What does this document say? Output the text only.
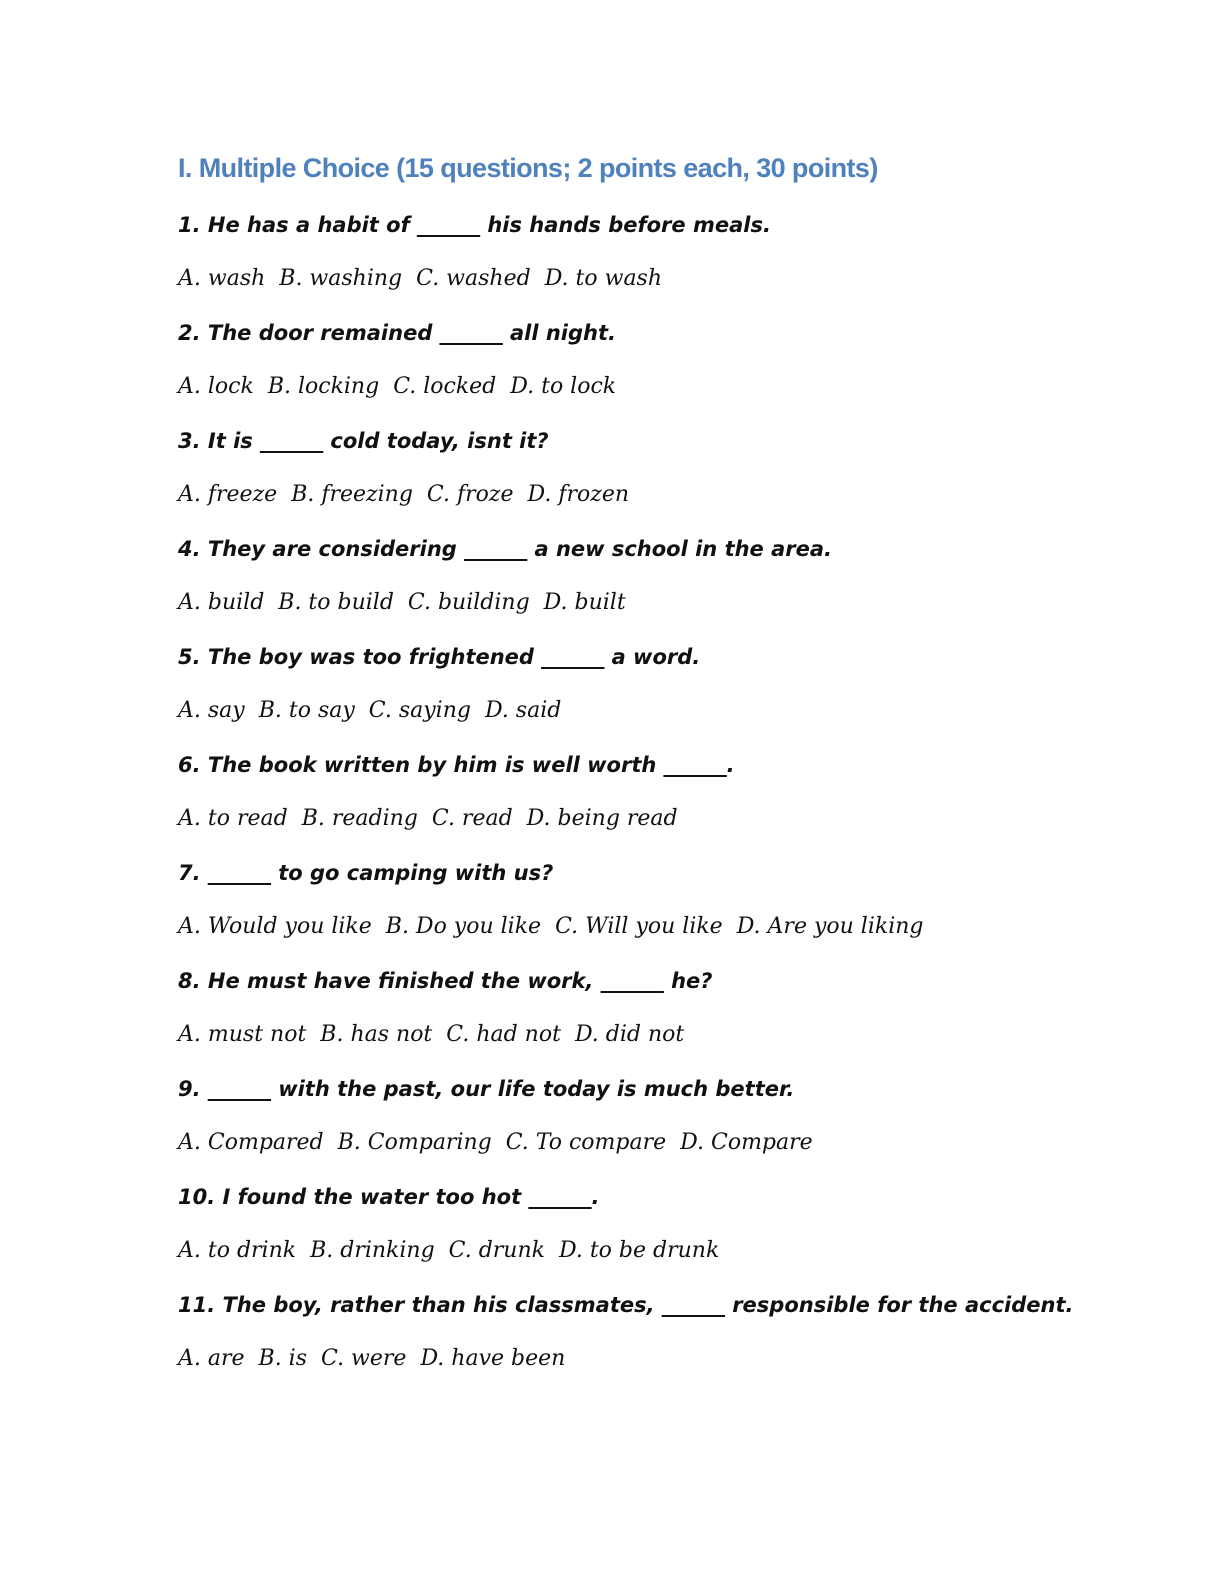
I. Multiple Choice (15 questions; 2 points each, 30 points)

1. He has a habit of ______ his hands before meals.

A. wash B. washing C. washed D. to wash

2. The door remained ______ all night.

A. lock B. locking C. locked D. to lock

3. It is ______ cold today, isnt it?

A. freeze B. freezing C. froze D. frozen

4. They are considering ______ a new school in the area.

A. build B. to build C. building D. built

5. The boy was too frightened ______ a word.

A. say B. to say C. saying D. said

6. The book written by him is well worth ______.

A. to read B. reading C. read D. being read

7. ______ to go camping with us?

A. Would you like B. Do you like C. Will you like D. Are you liking

8. He must have finished the work, ______ he?

A. must not B. has not C. had not D. did not

9. ______ with the past, our life today is much better.

A. Compared B. Comparing C. To compare D. Compare

10. I found the water too hot ______.

A. to drink B. drinking C. drunk D. to be drunk

11. The boy, rather than his classmates, ______ responsible for the accident.

A. are B. is C. were D. have been
